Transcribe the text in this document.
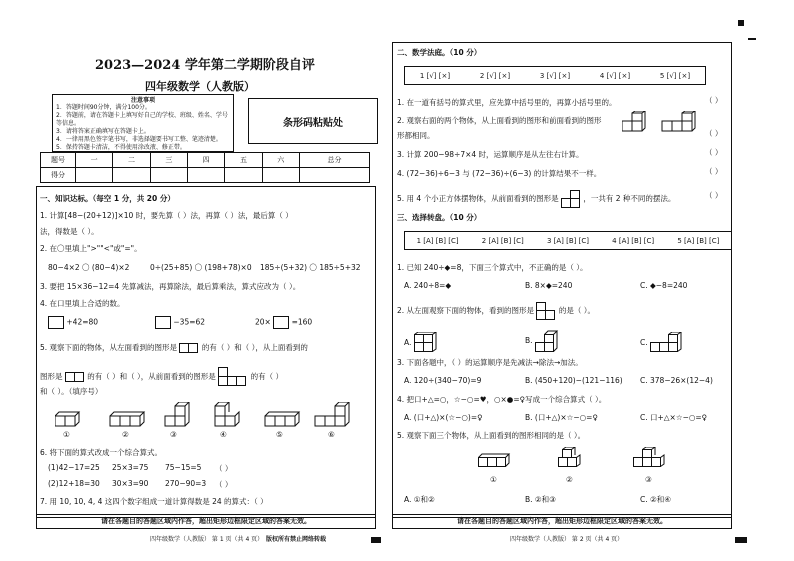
2023—2024 学年第二学期阶段自评
四年级数学（人教版）
注意事项
1．答题时间90分钟，满分100分。
2．答题前，请在答题卡上填写好自己的学校、班级、姓名、学号等信息。
3．请将答案正确填写在答题卡上。
4．一律用黑色签字笔书写，非选择题要书写工整、笔迹清楚。
5．保持答题卡清洁，不得使用涂改液、修正带。
条形码粘贴处
题号	一	二	三	四	五	六	总分
得分							
一、知识达标。（每空 1 分，共 20 分）
1. 计算[48−(20+12)]×10 时，要先算（ ）法，再算（ ）法，最后算（ ）
法，得数是（ ）。
2. 在〇里填上">""<"或"="。
80−4×2 〇 (80−4)×2	0÷(25+85) 〇 (198+78)×0 185÷(5+32) 〇 185÷5+32
3. 要把 15×36−12=4 先算减法，再算除法，最后算乘法，算式应改为（ ）。
4. 在口里填上合适的数。
+42=80	−35=62	20×	=160
5. 观察下面的物体，从左面看到的图形是	的有（ ）和（ ），从上面看到的
图形是	的有（ ）和（ ），从前面看到的图形是	的有（ ）
和（ ）。（填序号）
①	②	③	④	⑤	⑥
6. 将下面的算式改成一个综合算式。
(1)42−17=25 25×3=75 75−15=5 （ ）
(2)12+18=30 30×3=90 270−90=3 （ ）
7. 用 10, 10, 4, 4 这四个数字组成一道计算得数是 24 的算式：（ ）
请在各题目的答题区域内作答，超出矩形边框限定区域的答案无效。
四年级数学（人教版） 第 1 页（共 4 页） 版权所有禁止网络转载
二、数学法庭。（10 分）
1 [√] [×]	2 [√] [×]	3 [√] [×]	4 [√] [×]	5 [√] [×]
1. 在一道有括号的算式里，应先算中括号里的，再算小括号里的。	（ ）
2. 观察右面的两个物体，从上面看到的图形和前面看到的图形
形都相同。	（ ）
3. 计算 200−98÷7×4 时，运算顺序是从左往右计算。	（ ）
4. (72−36)÷6−3 与 (72−36)÷(6−3) 的计算结果不一样。	（ ）
5. 用 4 个小正方体摆物体，从前面看到的图形是	，一共有 2 种不同的摆法。	（ ）
三、选择转盘。（10 分）
1 [A] [B] [C]	2 [A] [B] [C]	3 [A] [B] [C]	4 [A] [B] [C]	5 [A] [B] [C]
1. 已知 240÷◆=8，下面三个算式中，不正确的是（ ）。
A. 240÷8=◆	B. 8×◆=240	C. ◆−8=240
2. 从左面观察下面的物体，看到的图形是	的是（ ）。
A.	B.	C.
3. 下面各题中，（ ）的运算顺序是先减法→除法→加法。
A. 120÷(340−70)=9	B. (450+120)−(121−116) C. 378−26×(12−4)
4. 把口+△=○，☆−○=♥，○×●=♀写成一个综合算式（ ）。
A. (口+△)×(☆−○)=♀	B. (口+△)×☆−○=♀	C. 口+△×☆−○=♀
5. 观察下面三个物体，从上面看到的图形相同的是（ ）。
①	②	③
A. ①和②	B. ②和③	C. ②和④
请在各题目的答题区域内作答，超出矩形边框限定区域的答案无效。
四年级数学（人教版） 第 2 页（共 4 页）
